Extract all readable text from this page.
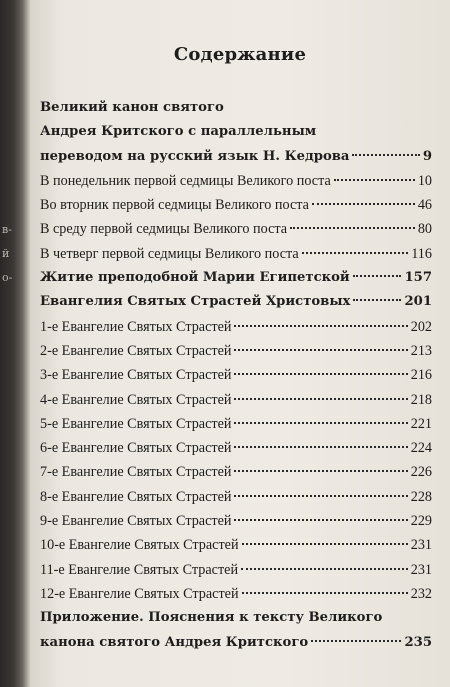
в-
й
о-
Содержание
Великий канон святого
Андрея Критского с параллельным
переводом на русский язык Н. Кедрова	9
В понедельник первой седмицы Великого поста	10
Во вторник первой седмицы Великого поста	46
В среду первой седмицы Великого поста	80
В четверг первой седмицы Великого поста	116
Житие преподобной Марии Египетской	157
Евангелия Святых Страстей Христовых	201
1-е Евангелие Святых Страстей	202
2-е Евангелие Святых Страстей	213
3-е Евангелие Святых Страстей	216
4-е Евангелие Святых Страстей	218
5-е Евангелие Святых Страстей	221
6-е Евангелие Святых Страстей	224
7-е Евангелие Святых Страстей	226
8-е Евангелие Святых Страстей	228
9-е Евангелие Святых Страстей	229
10-е Евангелие Святых Страстей	231
11-е Евангелие Святых Страстей	231
12-е Евангелие Святых Страстей	232
Приложение. Пояснения к тексту Великого
канона святого Андрея Критского	235
